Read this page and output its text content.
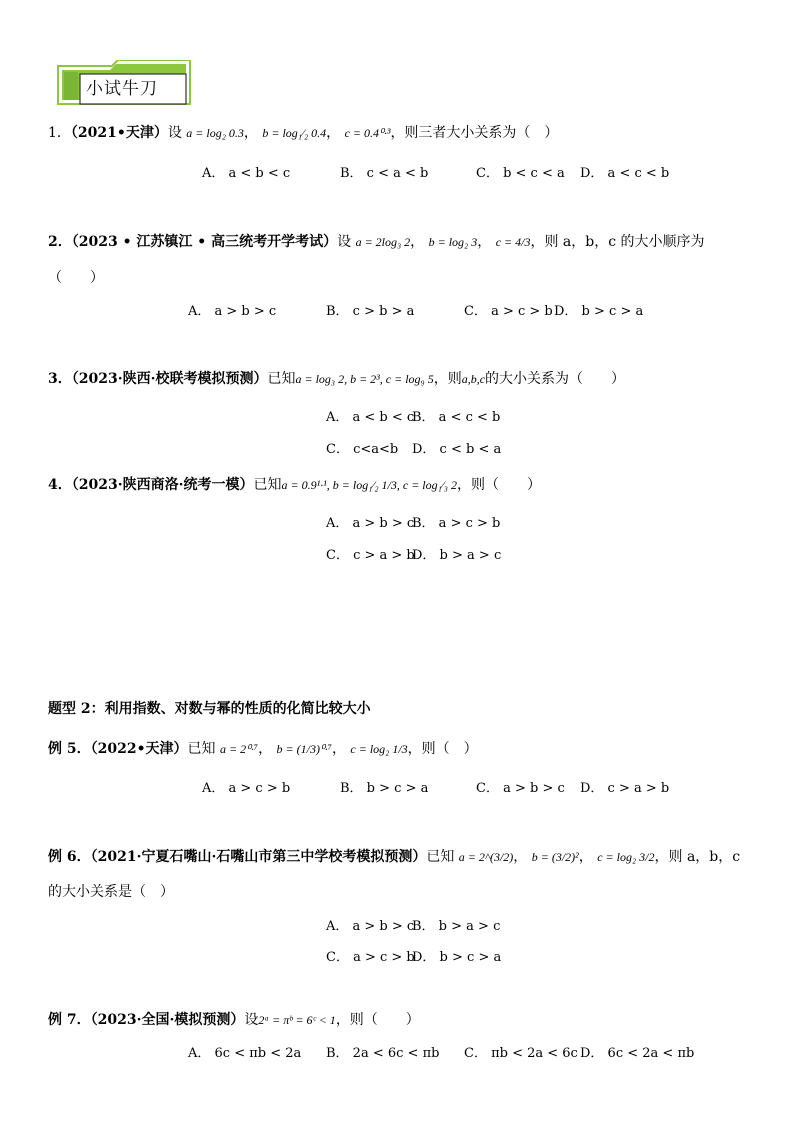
小试牛刀
1．（2021•天津）设 a = log₂ 0.3， b = log₁⁄₂ 0.4， c = 0.4⁰·³，则三者大小关系为（　）
A． a < b < c	B． c < a < b	C． b < c < a D． a < c < b
2．（2023 • 江苏镇江 • 高三统考开学考试）设 a = 2log₃ 2， b = log₂ 3， c = 4/3，则 a，b，c 的大小顺序为
（　　）
A． a > b > c	B． c > b > a	C． a > c > b D． b > c > a
3．（2023·陕西·校联考模拟预测）已知a = log₃ 2, b = 2³, c = log₉ 5，则a,b,c的大小关系为（　　）
A． a < b < c
B． a < c < b
C． c<a<b D． c < b < a
4．（2023·陕西商洛·统考一模）已知a = 0.9¹·¹, b = log₁⁄₂ 1/3, c = log₁⁄₃ 2，则（　　）
A． a > b > c
B． a > c > b
C． c > a > b
D． b > a > c
题型 2：利用指数、对数与幂的性质的化简比较大小
例 5．（2022•天津）已知 a = 2⁰·⁷， b = (1/3)⁰·⁷， c = log₂ 1/3，则（　）
A． a > c > b	B． b > c > a	C． a > b > c D． c > a > b
例 6．（2021·宁夏石嘴山·石嘴山市第三中学校考模拟预测）已知 a = 2^(3/2)， b = (3/2)²， c = log₂ 3/2，则 a，b，c
的大小关系是（　）
A． a > b > c
B． b > a > c
C． a > c > b
D． b > c > a
例 7．（2023·全国·模拟预测）设2ᵃ = πᵇ = 6ᶜ < 1，则（　　）
A． 6c < πb < 2a B． 2a < 6c < πb C． πb < 2a < 6c D． 6c < 2a < πb
